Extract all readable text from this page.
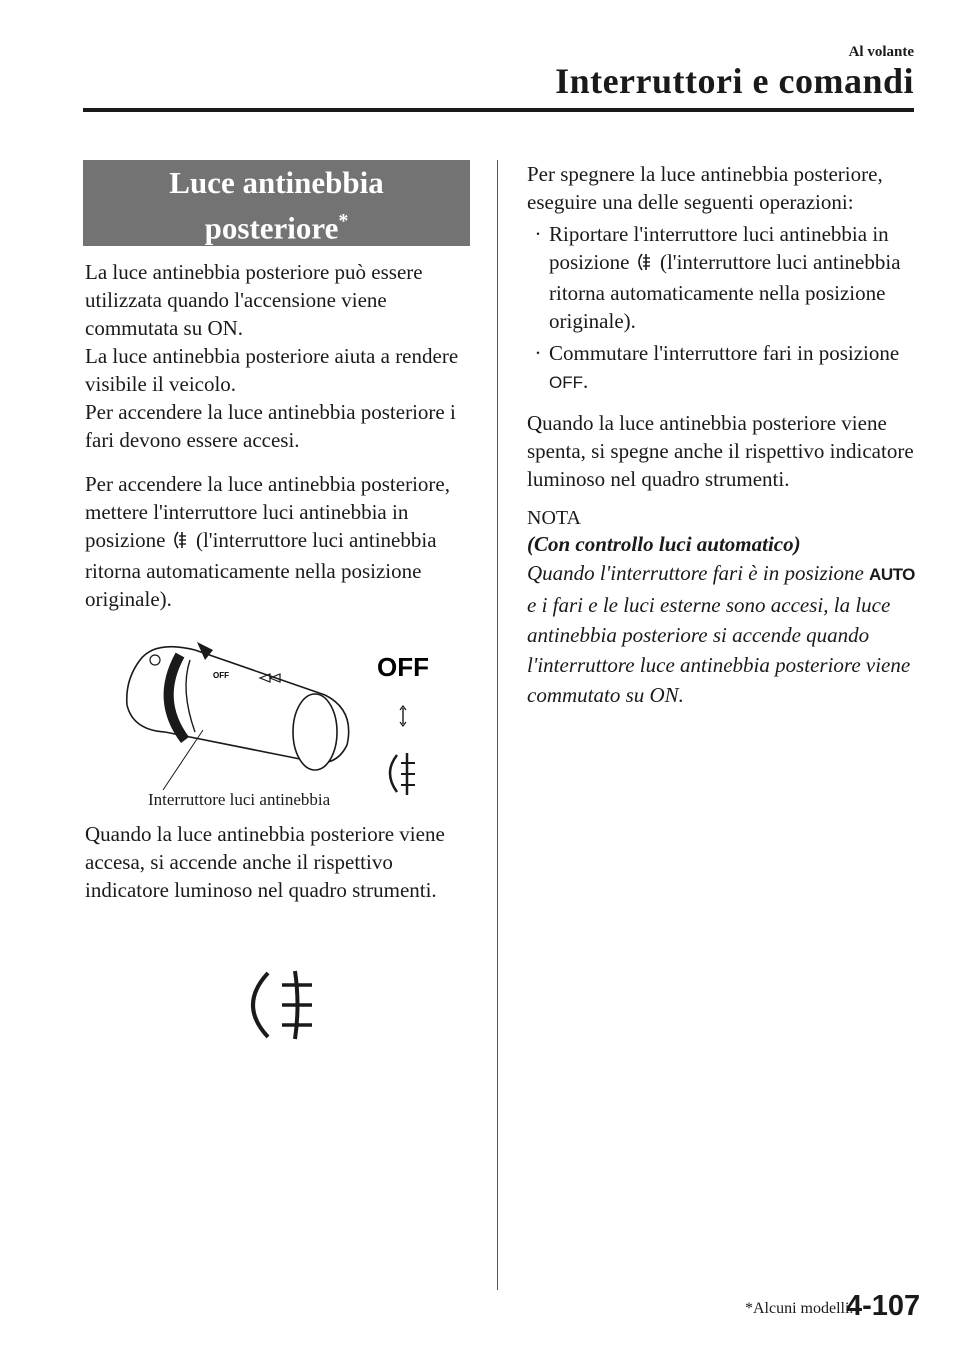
Al volante
Interruttori e comandi
Luce antinebbia
posteriore*

La luce antinebbia posteriore può essere utilizzata quando l'accensione viene commutata su ON.

La luce antinebbia posteriore aiuta a rendere visibile il veicolo.

Per accendere la luce antinebbia posteriore i fari devono essere accesi.

Per accendere la luce antinebbia posteriore, mettere l'interruttore luci antinebbia in posizione (l'interruttore luci antinebbia ritorna automaticamente nella posizione originale).

OFF	OFF
Interruttore luci antinebbia

Quando la luce antinebbia posteriore viene accesa, si accende anche il rispettivo indicatore luminoso nel quadro strumenti.

Per spegnere la luce antinebbia posteriore, eseguire una delle seguenti operazioni:

· Riportare l'interruttore luci antinebbia in posizione (l'interruttore luci antinebbia ritorna automaticamente nella posizione originale).
· Commutare l'interruttore fari in posizione OFF.

Quando la luce antinebbia posteriore viene spenta, si spegne anche il rispettivo indicatore luminoso nel quadro strumenti.

NOTA
(Con controllo luci automatico)
Quando l'interruttore fari è in posizione AUTO e i fari e le luci esterne sono accesi, la luce antinebbia posteriore si accende quando l'interruttore luce antinebbia posteriore viene commutato su ON.
*Alcuni modelli.
4-107
